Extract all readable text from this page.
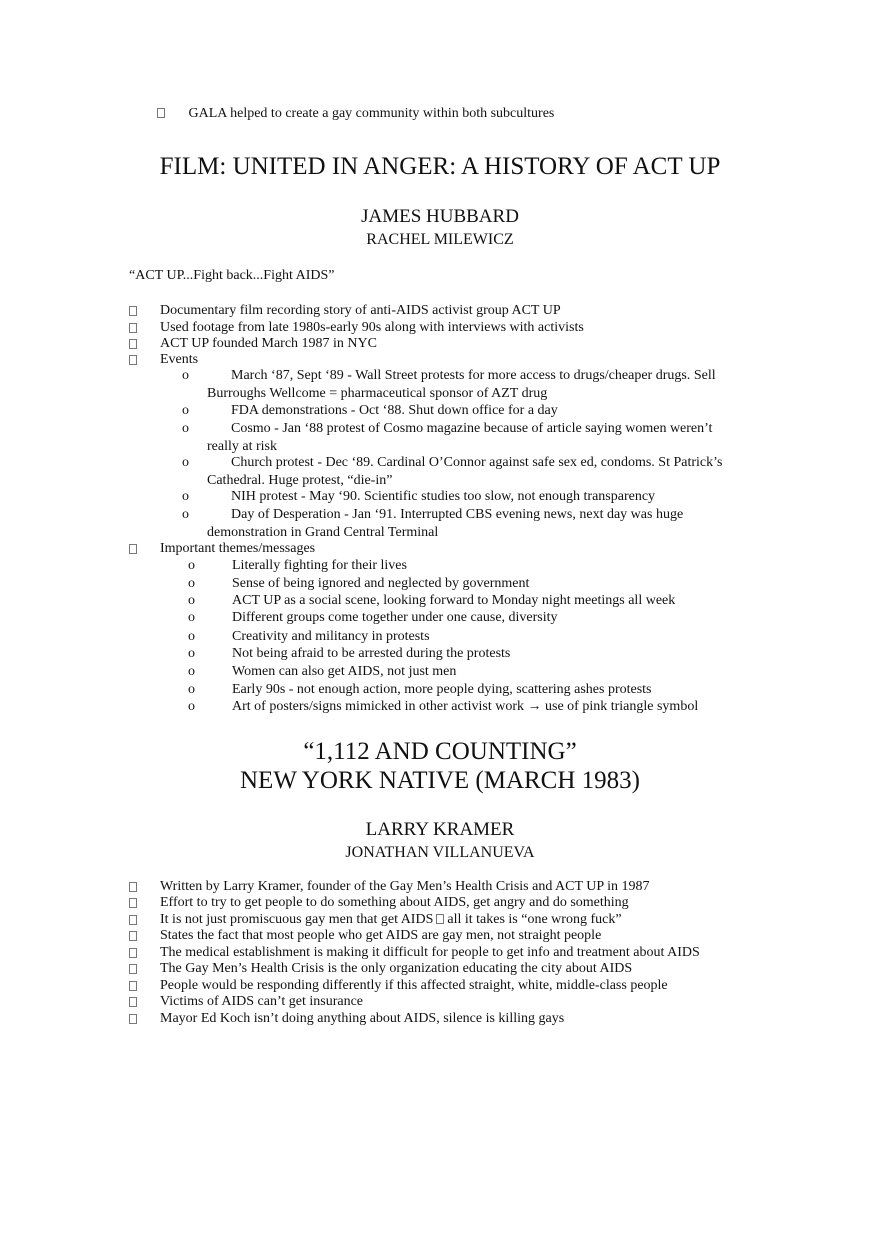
GALA helped to create a gay community within both subcultures
FILM: UNITED IN ANGER: A HISTORY OF ACT UP
JAMES HUBBARD
RACHEL MILEWICZ
“ACT UP...Fight back...Fight AIDS”
Documentary film recording story of anti-AIDS activist group ACT UP
Used footage from late 1980s-early 90s along with interviews with activists
ACT UP founded March 1987 in NYC
Events
o	March ‘87, Sept ‘89 - Wall Street protests for more access to drugs/cheaper drugs. Sell
Burroughs Wellcome = pharmaceutical sponsor of AZT drug
o	FDA demonstrations - Oct ‘88. Shut down office for a day
o	Cosmo - Jan ‘88 protest of Cosmo magazine because of article saying women weren’t
really at risk
o	Church protest - Dec ‘89. Cardinal O’Connor against safe sex ed, condoms. St Patrick’s
Cathedral. Huge protest, “die-in”
o	NIH protest - May ‘90. Scientific studies too slow, not enough transparency
o	Day of Desperation - Jan ‘91. Interrupted CBS evening news, next day was huge
demonstration in Grand Central Terminal
Important themes/messages
o	Literally fighting for their lives
o	Sense of being ignored and neglected by government
o	ACT UP as a social scene, looking forward to Monday night meetings all week
o	Different groups come together under one cause, diversity
o	Creativity and militancy in protests
o	Not being afraid to be arrested during the protests
o	Women can also get AIDS, not just men
o	Early 90s - not enough action, more people dying, scattering ashes protests
o	Art of posters/signs mimicked in other activist work → use of pink triangle symbol
“1,112 AND COUNTING”
NEW YORK NATIVE (MARCH 1983)
LARRY KRAMER
JONATHAN VILLANUEVA
Written by Larry Kramer, founder of the Gay Men’s Health Crisis and ACT UP in 1987
Effort to try to get people to do something about AIDS, get angry and do something
It is not just promiscuous gay men that get AIDS all it takes is “one wrong fuck”
States the fact that most people who get AIDS are gay men, not straight people
The medical establishment is making it difficult for people to get info and treatment about AIDS
The Gay Men’s Health Crisis is the only organization educating the city about AIDS
People would be responding differently if this affected straight, white, middle-class people
Victims of AIDS can’t get insurance
Mayor Ed Koch isn’t doing anything about AIDS, silence is killing gays
